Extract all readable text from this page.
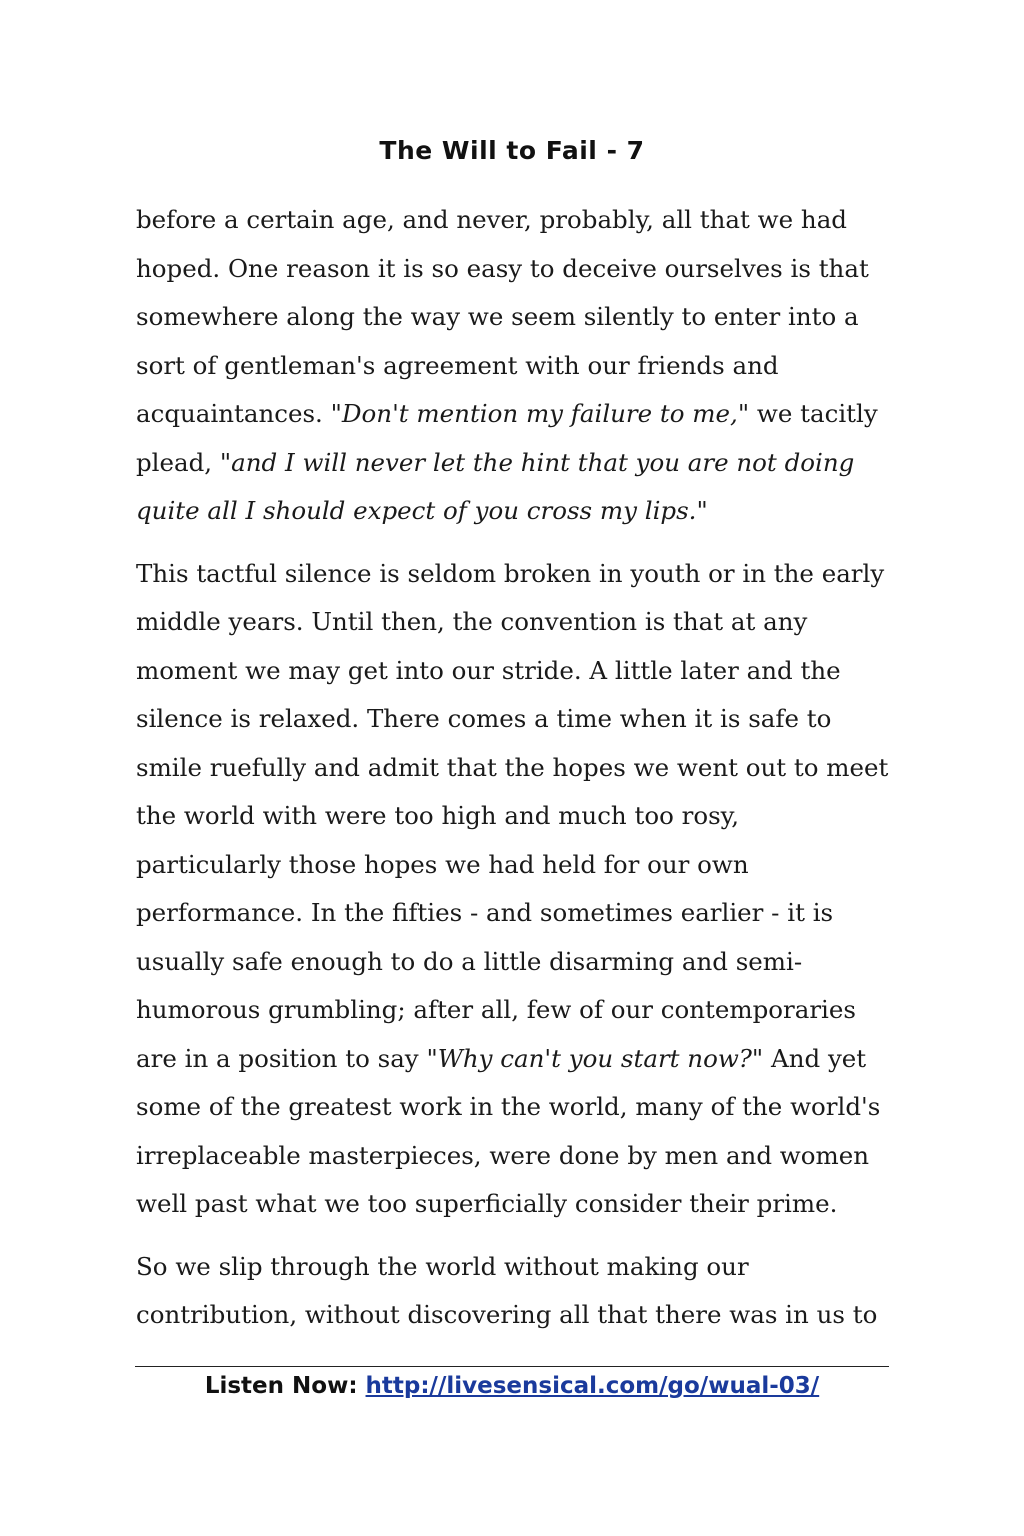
The Will to Fail - 7

before a certain age, and never, probably, all that we had
hoped. One reason it is so easy to deceive ourselves is that
somewhere along the way we seem silently to enter into a
sort of gentleman's agreement with our friends and
acquaintances. "Don't mention my failure to me," we tacitly
plead, "and I will never let the hint that you are not doing
quite all I should expect of you cross my lips."

This tactful silence is seldom broken in youth or in the early
middle years. Until then, the convention is that at any
moment we may get into our stride. A little later and the
silence is relaxed. There comes a time when it is safe to
smile ruefully and admit that the hopes we went out to meet
the world with were too high and much too rosy,
particularly those hopes we had held for our own
performance. In the fifties - and sometimes earlier - it is
usually safe enough to do a little disarming and semi-
humorous grumbling; after all, few of our contemporaries
are in a position to say "Why can't you start now?" And yet
some of the greatest work in the world, many of the world's
irreplaceable masterpieces, were done by men and women
well past what we too superficially consider their prime.

So we slip through the world without making our
contribution, without discovering all that there was in us to

Listen Now: http://livesensical.com/go/wual-03/
